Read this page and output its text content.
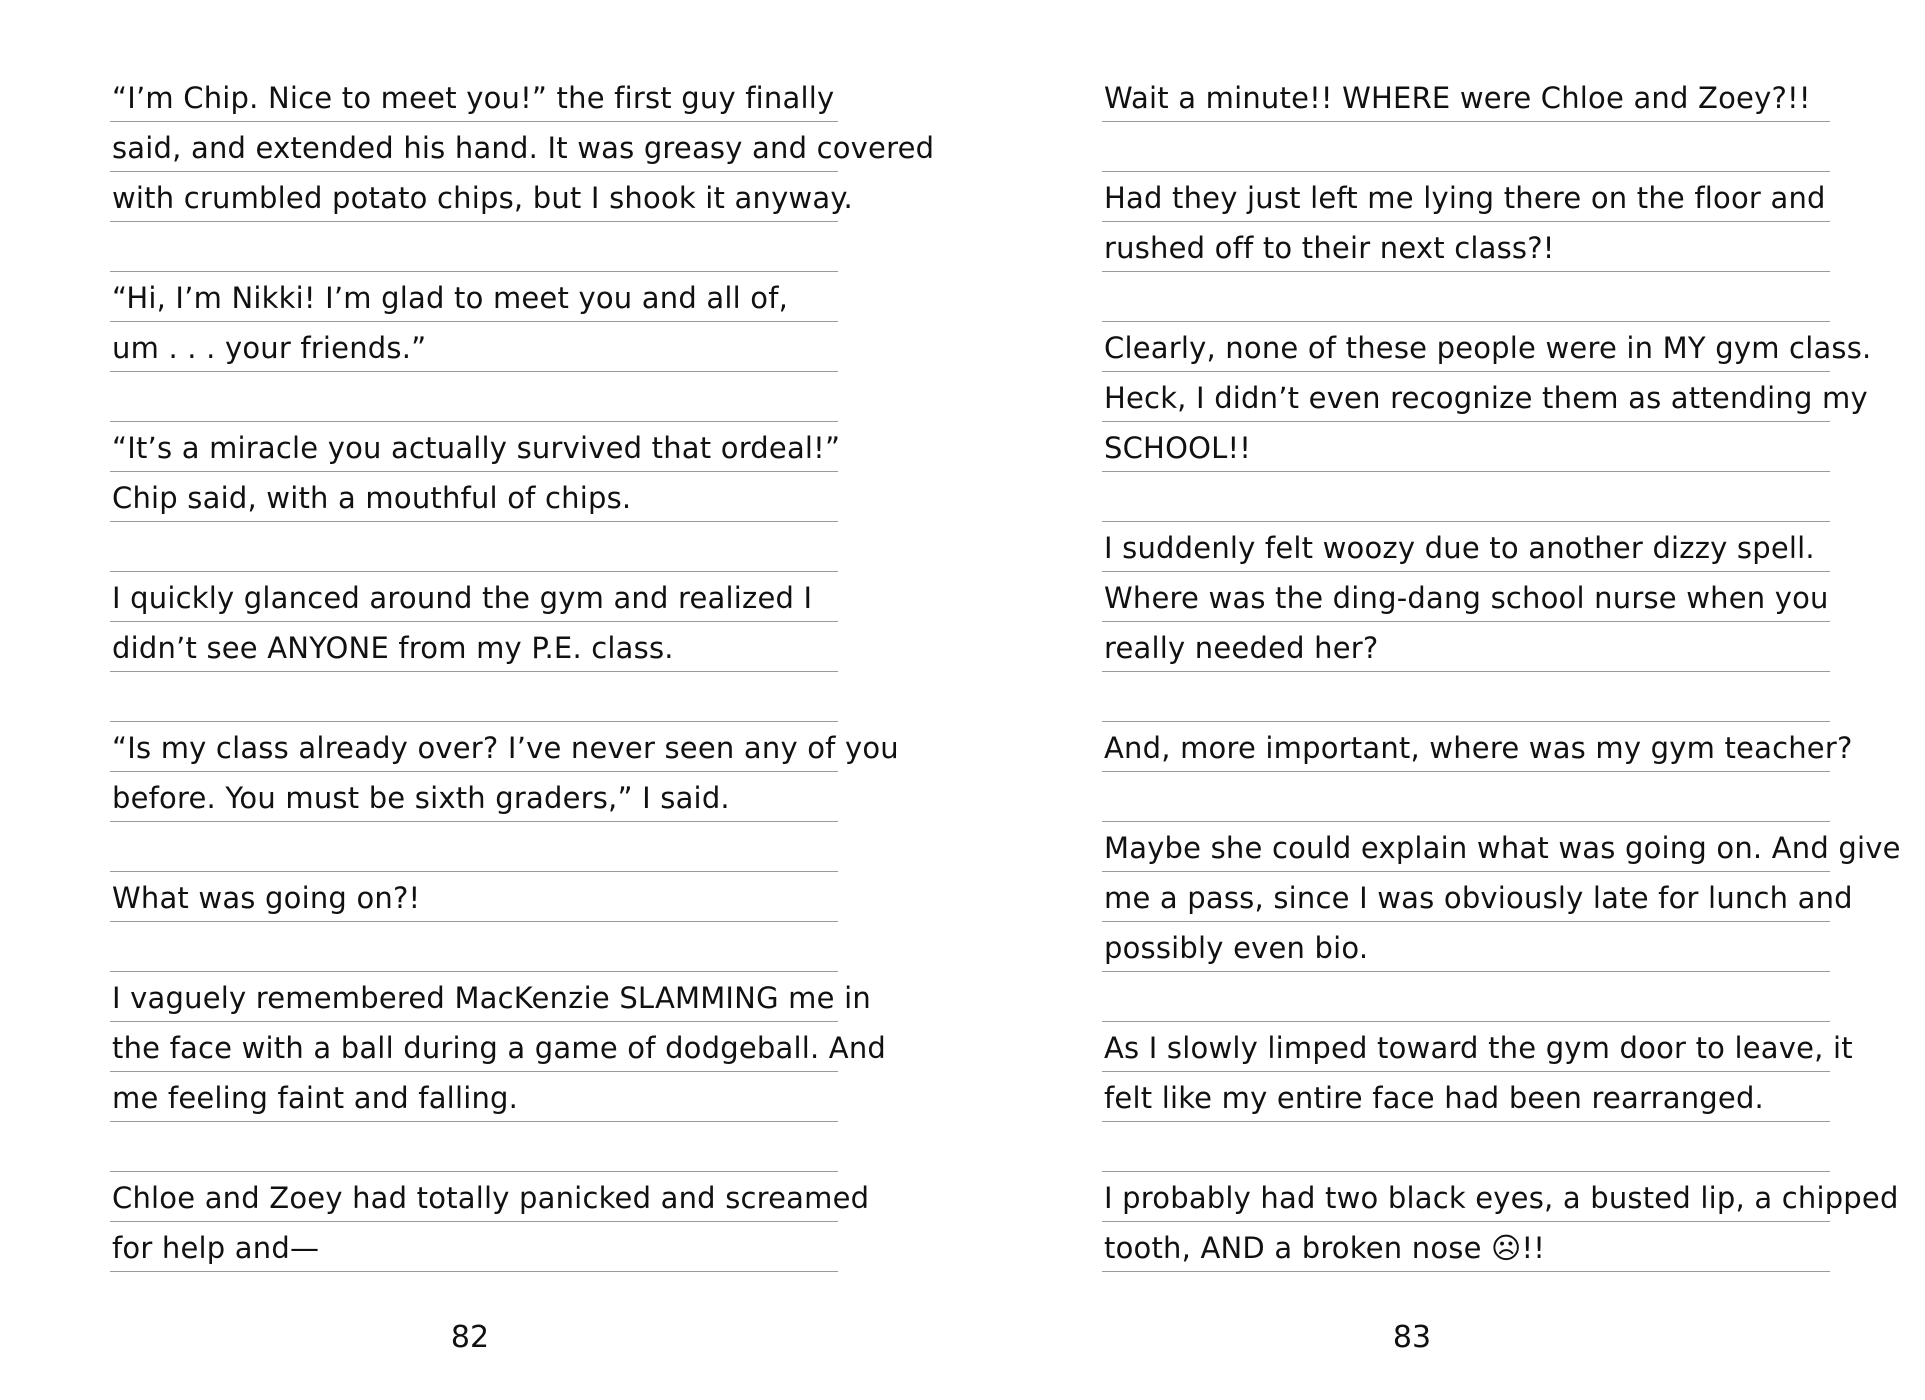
“I’m Chip. Nice to meet you!” the first guy finally
said, and extended his hand. It was greasy and covered
with crumbled potato chips, but I shook it anyway.
“Hi, I’m Nikki! I’m glad to meet you and all of,
um . . . your friends.”
“It’s a miracle you actually survived that ordeal!”
Chip said, with a mouthful of chips.
I quickly glanced around the gym and realized I
didn’t see ANYONE from my P.E. class.
“Is my class already over? I’ve never seen any of you
before. You must be sixth graders,” I said.
What was going on?!
I vaguely remembered MacKenzie SLAMMING me in
the face with a ball during a game of dodgeball. And
me feeling faint and falling.
Chloe and Zoey had totally panicked and screamed
for help and—
82
Wait a minute!! WHERE were Chloe and Zoey?!!
Had they just left me lying there on the floor and
rushed off to their next class?!
Clearly, none of these people were in MY gym class.
Heck, I didn’t even recognize them as attending my
SCHOOL!!
I suddenly felt woozy due to another dizzy spell.
Where was the ding-dang school nurse when you
really needed her?
And, more important, where was my gym teacher?
Maybe she could explain what was going on. And give
me a pass, since I was obviously late for lunch and
possibly even bio.
As I slowly limped toward the gym door to leave, it
felt like my entire face had been rearranged.
I probably had two black eyes, a busted lip, a chipped
tooth, AND a broken nose ☹!!
83
